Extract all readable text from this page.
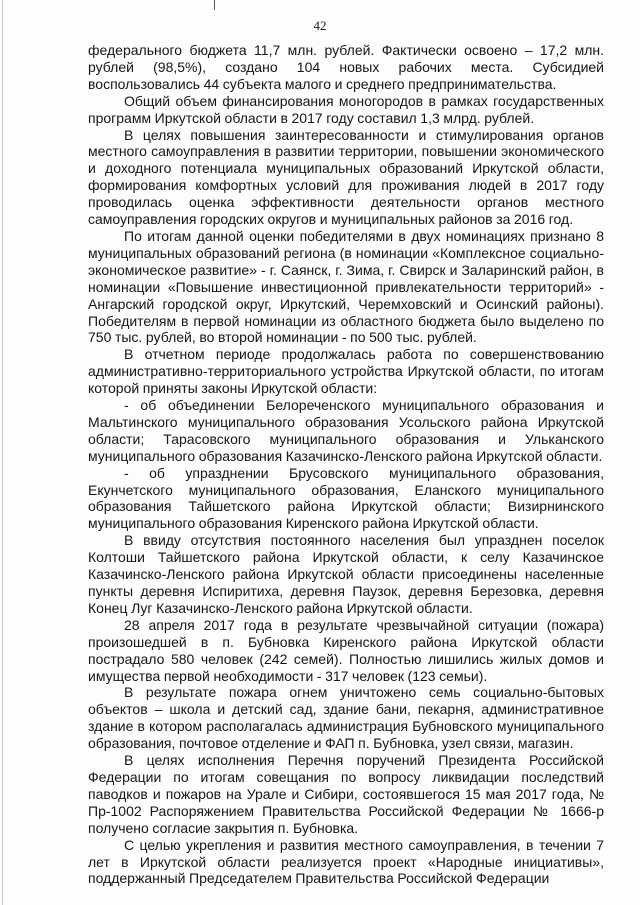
42

федерального бюджета 11,7 млн. рублей. Фактически освоено – 17,2 млн. рублей (98,5%), создано 104 новых рабочих места. Субсидией воспользовались 44 субъекта малого и среднего предпринимательства.

Общий объем финансирования моногородов в рамках государственных программ Иркутской области в 2017 году составил 1,3 млрд. рублей.

В целях повышения заинтересованности и стимулирования органов местного самоуправления в развитии территории, повышении экономического и доходного потенциала муниципальных образований Иркутской области, формирования комфортных условий для проживания людей в 2017 году проводилась оценка эффективности деятельности органов местного самоуправления городских округов и муниципальных районов за 2016 год.

По итогам данной оценки победителями в двух номинациях признано 8 муниципальных образований региона (в номинации «Комплексное социально-экономическое развитие» - г. Саянск, г. Зима, г. Свирск и Заларинский район, в номинации «Повышение инвестиционной привлекательности территорий» - Ангарский городской округ, Иркутский, Черемховский и Осинский районы). Победителям в первой номинации из областного бюджета было выделено по 750 тыс. рублей, во второй номинации - по 500 тыс. рублей.

В отчетном периоде продолжалась работа по совершенствованию административно-территориального устройства Иркутской области, по итогам которой приняты законы Иркутской области:

- об объединении Белореченского муниципального образования и Мальтинского муниципального образования Усольского района Иркутской области; Тарасовского муниципального образования и Ульканского муниципального образования Казачинско-Ленского района Иркутской области.

- об упразднении Брусовского муниципального образования, Екунчетского муниципального образования, Еланского муниципального образования Тайшетского района Иркутской области; Визирнинского муниципального образования Киренского района Иркутской области.

В ввиду отсутствия постоянного населения был упразднен поселок Колтоши Тайшетского района Иркутской области, к селу Казачинское Казачинско-Ленского района Иркутской области присоединены населенные пункты деревня Испиритиха, деревня Паузок, деревня Березовка, деревня Конец Луг Казачинско-Ленского района Иркутской области.

28 апреля 2017 года в результате чрезвычайной ситуации (пожара) произошедшей в п. Бубновка Киренского района Иркутской области пострадало 580 человек (242 семей). Полностью лишились жилых домов и имущества первой необходимости - 317 человек (123 семьи).

В результате пожара огнем уничтожено семь социально-бытовых объектов – школа и детский сад, здание бани, пекарня, административное здание в котором располагалась администрация Бубновского муниципального образования, почтовое отделение и ФАП п. Бубновка, узел связи, магазин.

В целях исполнения Перечня поручений Президента Российской Федерации по итогам совещания по вопросу ликвидации последствий паводков и пожаров на Урале и Сибири, состоявшегося 15 мая 2017 года, № Пр-1002 Распоряжением Правительства Российской Федерации № 1666-р получено согласие закрытия п. Бубновка.

С целью укрепления и развития местного самоуправления, в течении 7 лет в Иркутской области реализуется проект «Народные инициативы», поддержанный Председателем Правительства Российской Федерации
